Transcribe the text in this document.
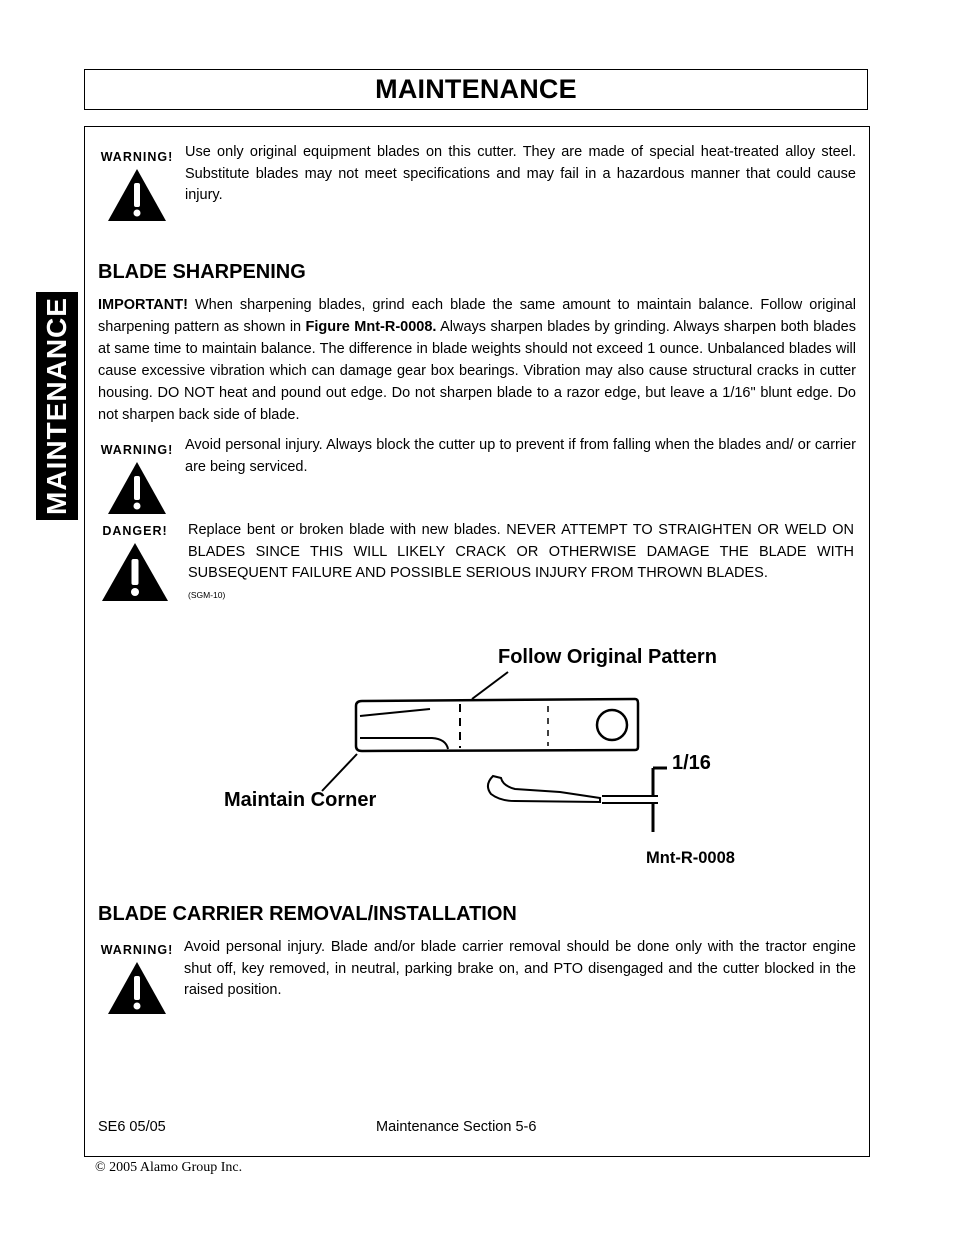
MAINTENANCE
MAINTENANCE
WARNING! Use only original equipment blades on this cutter. They are made of special heat-treated alloy steel. Substitute blades may not meet specifications and may fail in a hazardous manner that could cause injury.
BLADE SHARPENING
IMPORTANT! When sharpening blades, grind each blade the same amount to maintain balance. Follow original sharpening pattern as shown in Figure Mnt-R-0008. Always sharpen blades by grinding. Always sharpen both blades at same time to maintain balance. The difference in blade weights should not exceed 1 ounce. Unbalanced blades will cause excessive vibration which can damage gear box bearings. Vibration may also cause structural cracks in cutter housing. DO NOT heat and pound out edge. Do not sharpen blade to a razor edge, but leave a 1/16" blunt edge. Do not sharpen back side of blade.
WARNING! Avoid personal injury. Always block the cutter up to prevent if from falling when the blades and/ or carrier are being serviced.
DANGER!	Replace bent or broken blade with new blades. NEVER ATTEMPT TO STRAIGHTEN OR WELD ON BLADES SINCE THIS WILL LIKELY CRACK OR OTHERWISE DAMAGE THE BLADE WITH SUBSEQUENT FAILURE AND POSSIBLE SERIOUS INJURY FROM THROWN BLADES.
(SGM-10)
Follow Original Pattern
Maintain Corner
1/16
Mnt-R-0008
BLADE CARRIER REMOVAL/INSTALLATION
WARNING! Avoid personal injury. Blade and/or blade carrier removal should be done only with the tractor engine shut off, key removed, in neutral, parking brake on, and PTO disengaged and the cutter blocked in the raised position.
SE6 05/05	Maintenance Section 5-6
© 2005 Alamo Group Inc.
